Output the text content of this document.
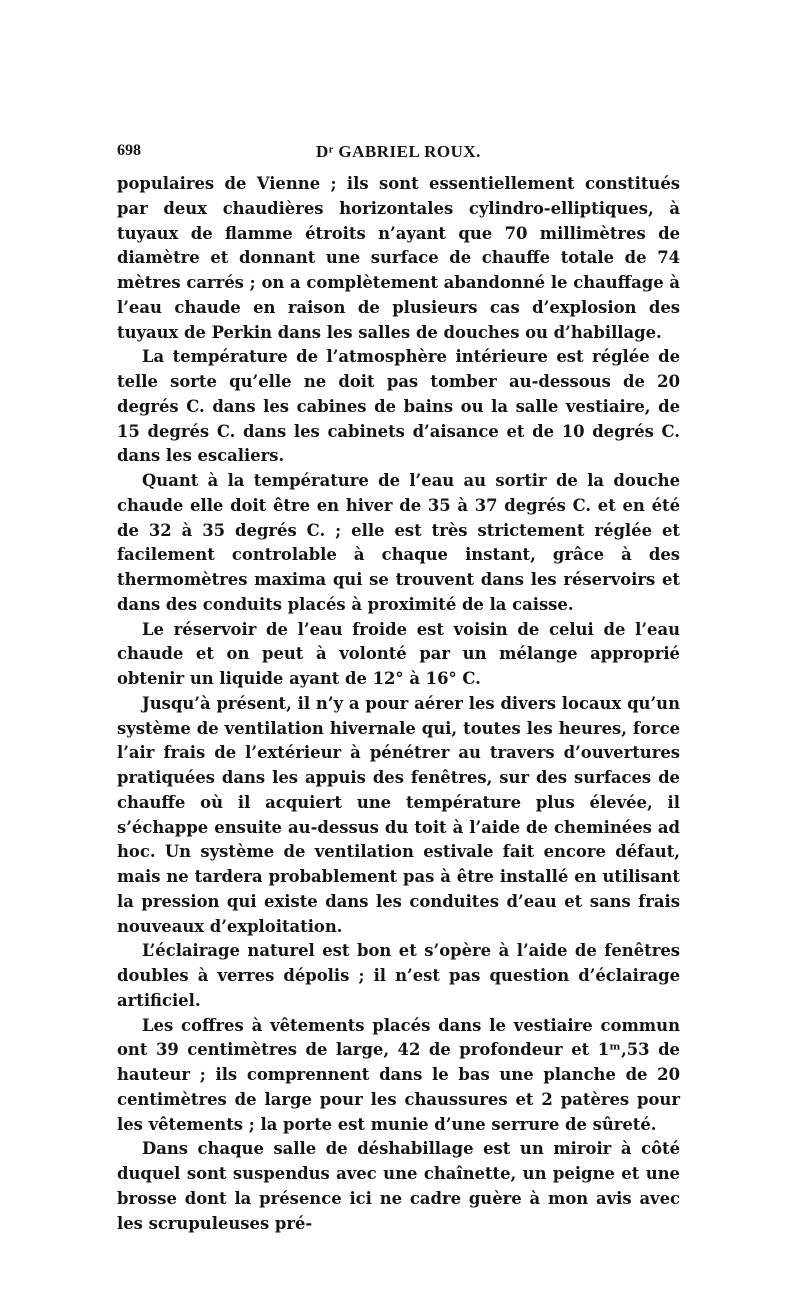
698	Dʳ GABRIEL ROUX.

populaires de Vienne ; ils sont essentiellement constitués par deux chaudières horizontales cylindro-elliptiques, à tuyaux de flamme étroits n’ayant que 70 millimètres de diamètre et donnant une surface de chauffe totale de 74 mètres carrés ; on a complètement abandonné le chauffage à l’eau chaude en raison de plusieurs cas d’explosion des tuyaux de Perkin dans les salles de douches ou d’habillage.

La température de l’atmosphère intérieure est réglée de telle sorte qu’elle ne doit pas tomber au-dessous de 20 degrés C. dans les cabines de bains ou la salle vestiaire, de 15 degrés C. dans les cabinets d’aisance et de 10 degrés C. dans les escaliers.

Quant à la température de l’eau au sortir de la douche chaude elle doit être en hiver de 35 à 37 degrés C. et en été de 32 à 35 degrés C. ; elle est très strictement réglée et facilement controlable à chaque instant, grâce à des thermomètres maxima qui se trouvent dans les réservoirs et dans des conduits placés à proximité de la caisse.

Le réservoir de l’eau froide est voisin de celui de l’eau chaude et on peut à volonté par un mélange approprié obtenir un liquide ayant de 12° à 16° C.

Jusqu’à présent, il n’y a pour aérer les divers locaux qu’un système de ventilation hivernale qui, toutes les heures, force l’air frais de l’extérieur à pénétrer au travers d’ouvertures pratiquées dans les appuis des fenêtres, sur des surfaces de chauffe où il acquiert une température plus élevée, il s’échappe ensuite au-dessus du toit à l’aide de cheminées ad hoc. Un système de ventilation estivale fait encore défaut, mais ne tardera probablement pas à être installé en utilisant la pression qui existe dans les conduites d’eau et sans frais nouveaux d’exploitation.

L’éclairage naturel est bon et s’opère à l’aide de fenêtres doubles à verres dépolis ; il n’est pas question d’éclairage artificiel.

Les coffres à vêtements placés dans le vestiaire commun ont 39 centimètres de large, 42 de profondeur et 1ᵐ,53 de hauteur ; ils comprennent dans le bas une planche de 20 centimètres de large pour les chaussures et 2 patères pour les vêtements ; la porte est munie d’une serrure de sûreté.

Dans chaque salle de déshabillage est un miroir à côté duquel sont suspendus avec une chaînette, un peigne et une brosse dont la présence ici ne cadre guère à mon avis avec les scrupuleuses pré-
